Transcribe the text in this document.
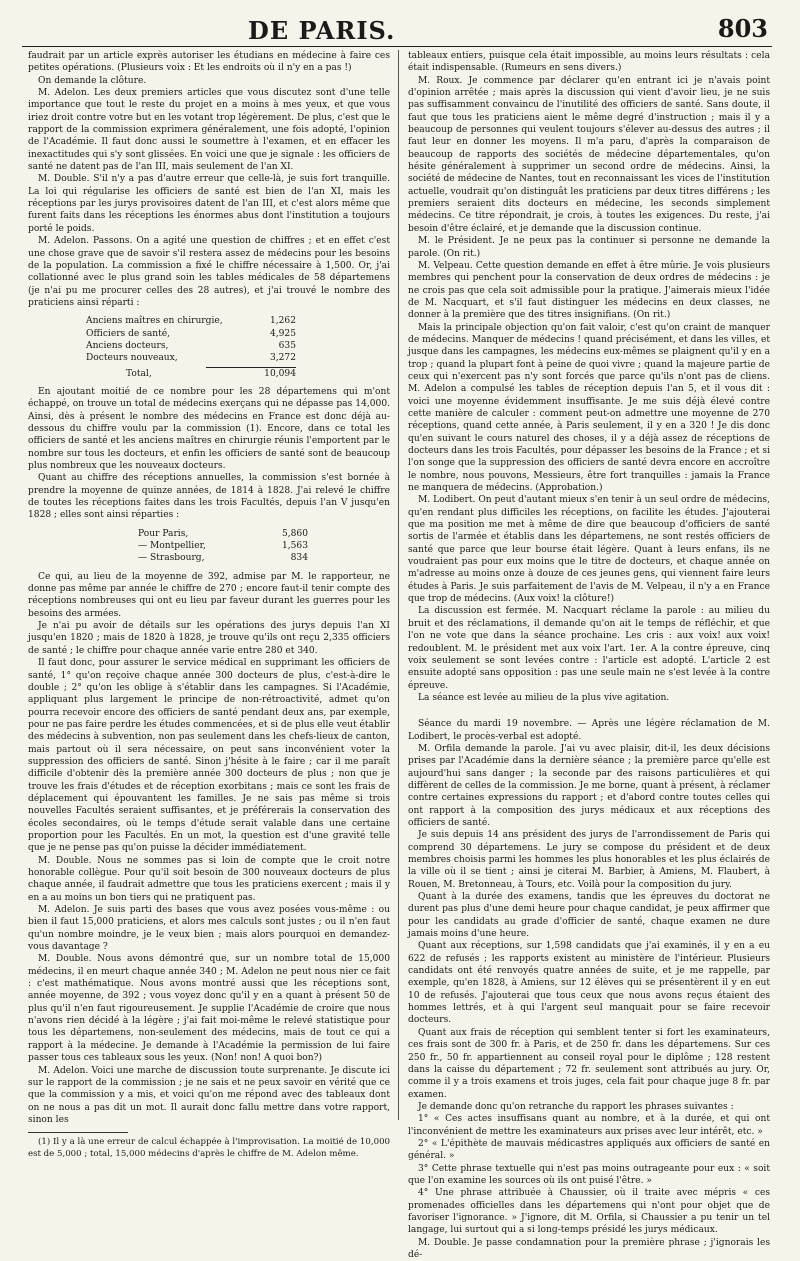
DE PARIS.	803

faudrait par un article exprès autoriser les étudians en médecine à faire ces petites opérations. (Plusieurs voix : Et les endroits où il n'y en a pas !)

On demande la clôture.

M. Adelon. Les deux premiers articles que vous discutez sont d'une telle importance que tout le reste du projet en a moins à mes yeux, et que vous iriez droit contre votre but en les votant trop légèrement. De plus, c'est que le rapport de la commission exprimera généralement, une fois adopté, l'opinion de l'Académie. Il faut donc aussi le soumettre à l'examen, et en effacer les inexactitudes qui s'y sont glissées. En voici une que je signale : les officiers de santé ne datent pas de l'an III, mais seulement de l'an XI.

M. Double. S'il n'y a pas d'autre erreur que celle-là, je suis fort tranquille. La loi qui régularise les officiers de santé est bien de l'an XI, mais les réceptions par les jurys provisoires datent de l'an III, et c'est alors même que furent faits dans les réceptions les énormes abus dont l'institution a toujours porté le poids.

M. Adelon. Passons. On a agité une question de chiffres ; et en effet c'est une chose grave que de savoir s'il restera assez de médecins pour les besoins de la population. La commission a fixé le chiffre nécessaire à 1,500. Or, j'ai collationné avec le plus grand soin les tables médicales de 58 départemens (je n'ai pu me procurer celles des 28 autres), et j'ai trouvé le nombre des praticiens ainsi réparti :

Anciens maîtres en chirurgie,	1,262
Officiers de santé,	4,925
Anciens docteurs,	635
Docteurs nouveaux,	3,272
Total,	10,094

En ajoutant moitié de ce nombre pour les 28 départemens qui m'ont échappé, on trouve un total de médecins exerçans qui ne dépasse pas 14,000. Ainsi, dès à présent le nombre des médecins en France est donc déjà au-dessous du chiffre voulu par la commission (1). Encore, dans ce total les officiers de santé et les anciens maîtres en chirurgie réunis l'emportent par le nombre sur tous les docteurs, et enfin les officiers de santé sont de beaucoup plus nombreux que les nouveaux docteurs.

Quant au chiffre des réceptions annuelles, la commission s'est bornée à prendre la moyenne de quinze années, de 1814 à 1828. J'ai relevé le chiffre de toutes les réceptions faites dans les trois Facultés, depuis l'an V jusqu'en 1828 ; elles sont ainsi réparties :

Pour Paris,	5,860
— Montpellier,	1,563
— Strasbourg,	834

Ce qui, au lieu de la moyenne de 392, admise par M. le rapporteur, ne donne pas même par année le chiffre de 270 ; encore faut-il tenir compte des réceptions nombreuses qui ont eu lieu par faveur durant les guerres pour les besoins des armées.

Je n'ai pu avoir de détails sur les opérations des jurys depuis l'an XI jusqu'en 1820 ; mais de 1820 à 1828, je trouve qu'ils ont reçu 2,335 officiers de santé ; le chiffre pour chaque année varie entre 280 et 340.

Il faut donc, pour assurer le service médical en supprimant les officiers de santé, 1° qu'on reçoive chaque année 300 docteurs de plus, c'est-à-dire le double ; 2° qu'on les oblige à s'établir dans les campagnes. Si l'Académie, appliquant plus largement le principe de non-rétroactivité, admet qu'on pourra recevoir encore des officiers de santé pendant deux ans, par exemple, pour ne pas faire perdre les études commencées, et si de plus elle veut établir des médecins à subvention, non pas seulement dans les chefs-lieux de canton, mais partout où il sera nécessaire, on peut sans inconvénient voter la suppression des officiers de santé. Sinon j'hésite à le faire ; car il me paraît difficile d'obtenir dès la première année 300 docteurs de plus ; non que je trouve les frais d'études et de réception exorbitans ; mais ce sont les frais de déplacement qui épouvantent les familles. Je ne sais pas même si trois nouvelles Facultés seraient suffisantes, et je préférerais la conservation des écoles secondaires, où le temps d'étude serait valable dans une certaine proportion pour les Facultés. En un mot, la question est d'une gravité telle que je ne pense pas qu'on puisse la décider immédiatement.

M. Double. Nous ne sommes pas si loin de compte que le croit notre honorable collègue. Pour qu'il soit besoin de 300 nouveaux docteurs de plus chaque année, il faudrait admettre que tous les praticiens exercent ; mais il y en a au moins un bon tiers qui ne pratiquent pas.

M. Adelon. Je suis parti des bases que vous avez posées vous-même : ou bien il faut 15,000 praticiens, et alors mes calculs sont justes ; ou il n'en faut qu'un nombre moindre, je le veux bien ; mais alors pourquoi en demandez-vous davantage ?

M. Double. Nous avons démontré que, sur un nombre total de 15,000 médecins, il en meurt chaque année 340 ; M. Adelon ne peut nous nier ce fait : c'est mathématique. Nous avons montré aussi que les réceptions sont, année moyenne, de 392 ; vous voyez donc qu'il y en a quant à présent 50 de plus qu'il n'en faut rigoureusement. Je supplie l'Académie de croire que nous n'avons rien décidé à la légère ; j'ai fait moi-même le relevé statistique pour tous les départemens, non-seulement des médecins, mais de tout ce qui a rapport à la médecine. Je demande à l'Académie la permission de lui faire passer tous ces tableaux sous les yeux. (Non! non! A quoi bon?)

M. Adelon. Voici une marche de discussion toute surprenante. Je discute ici sur le rapport de la commission ; je ne sais et ne peux savoir en vérité que ce que la commission y a mis, et voici qu'on me répond avec des tableaux dont on ne nous a pas dit un mot. Il aurait donc fallu mettre dans votre rapport, sinon les

(1) Il y a là une erreur de calcul échappée à l'improvisation. La moitié de 10,000 est de 5,000 ; total, 15,000 médecins d'après le chiffre de M. Adelon même.

tableaux entiers, puisque cela était impossible, au moins leurs résultats : cela était indispensable. (Rumeurs en sens divers.)

M. Roux. Je commence par déclarer qu'en entrant ici je n'avais point d'opinion arrêtée ; mais après la discussion qui vient d'avoir lieu, je ne suis pas suffisamment convaincu de l'inutilité des officiers de santé. Sans doute, il faut que tous les praticiens aient le même degré d'instruction ; mais il y a beaucoup de personnes qui veulent toujours s'élever au-dessus des autres ; il faut leur en donner les moyens. Il m'a paru, d'après la comparaison de beaucoup de rapports des sociétés de médecine départementales, qu'on hésite généralement à supprimer un second ordre de médecins. Ainsi, la société de médecine de Nantes, tout en reconnaissant les vices de l'institution actuelle, voudrait qu'on distinguât les praticiens par deux titres différens ; les premiers seraient dits docteurs en médecine, les seconds simplement médecins. Ce titre répondrait, je crois, à toutes les exigences. Du reste, j'ai besoin d'être éclairé, et je demande que la discussion continue.

M. le Président. Je ne peux pas la continuer si personne ne demande la parole. (On rit.)

M. Velpeau. Cette question demande en effet à être mûrie. Je vois plusieurs membres qui penchent pour la conservation de deux ordres de médecins : je ne crois pas que cela soit admissible pour la pratique. J'aimerais mieux l'idée de M. Nacquart, et s'il faut distinguer les médecins en deux classes, ne donner à la première que des titres insignifians. (On rit.)

Mais la principale objection qu'on fait valoir, c'est qu'on craint de manquer de médecins. Manquer de médecins ! quand précisément, et dans les villes, et jusque dans les campagnes, les médecins eux-mêmes se plaignent qu'il y en a trop ; quand la plupart font à peine de quoi vivre ; quand la majeure partie de ceux qui n'exercent pas n'y sont forcés que parce qu'ils n'ont pas de cliens. M. Adelon a compulsé les tables de réception depuis l'an 5, et il vous dit : voici une moyenne évidemment insuffisante. Je me suis déjà élevé contre cette manière de calculer : comment peut-on admettre une moyenne de 270 réceptions, quand cette année, à Paris seulement, il y en a 320 ! Je dis donc qu'en suivant le cours naturel des choses, il y a déjà assez de réceptions de docteurs dans les trois Facultés, pour dépasser les besoins de la France ; et si l'on songe que la suppression des officiers de santé devra encore en accroître le nombre, nous pouvons, Messieurs, être fort tranquilles : jamais la France ne manquera de médecins. (Approbation.)

M. Lodibert. On peut d'autant mieux s'en tenir à un seul ordre de médecins, qu'en rendant plus difficiles les réceptions, on facilite les études. J'ajouterai que ma position me met à même de dire que beaucoup d'officiers de santé sortis de l'armée et établis dans les départemens, ne sont restés officiers de santé que parce que leur bourse était légère. Quant à leurs enfans, ils ne voudraient pas pour eux moins que le titre de docteurs, et chaque année on m'adresse au moins onze à douze de ces jeunes gens, qui viennent faire leurs études à Paris. Je suis parfaitement de l'avis de M. Velpeau, il n'y a en France que trop de médecins. (Aux voix! la clôture!)

La discussion est fermée. M. Nacquart réclame la parole : au milieu du bruit et des réclamations, il demande qu'on ait le temps de réfléchir, et que l'on ne vote que dans la séance prochaine. Les cris : aux voix! aux voix! redoublent. M. le président met aux voix l'art. 1er. A la contre épreuve, cinq voix seulement se sont levées contre : l'article est adopté. L'article 2 est ensuite adopté sans opposition : pas une seule main ne s'est levée à la contre épreuve.

La séance est levée au milieu de la plus vive agitation.

Séance du mardi 19 novembre. — Après une légère réclamation de M. Lodibert, le procès-verbal est adopté.

M. Orfila demande la parole. J'ai vu avec plaisir, dit-il, les deux décisions prises par l'Académie dans la dernière séance ; la première parce qu'elle est aujourd'hui sans danger ; la seconde par des raisons particulières et qui diffèrent de celles de la commission. Je me borne, quant à présent, à réclamer contre certaines expressions du rapport ; et d'abord contre toutes celles qui ont rapport à la composition des jurys médicaux et aux réceptions des officiers de santé.

Je suis depuis 14 ans président des jurys de l'arrondissement de Paris qui comprend 30 départemens. Le jury se compose du président et de deux membres choisis parmi les hommes les plus honorables et les plus éclairés de la ville où il se tient ; ainsi je citerai M. Barbier, à Amiens, M. Flaubert, à Rouen, M. Bretonneau, à Tours, etc. Voilà pour la composition du jury.

Quant à la durée des examens, tandis que les épreuves du doctorat ne durent pas plus d'une demi heure pour chaque candidat, je peux affirmer que pour les candidats au grade d'officier de santé, chaque examen ne dure jamais moins d'une heure.

Quant aux réceptions, sur 1,598 candidats que j'ai examinés, il y en a eu 622 de refusés ; les rapports existent au ministère de l'intérieur. Plusieurs candidats ont été renvoyés quatre années de suite, et je me rappelle, par exemple, qu'en 1828, à Amiens, sur 12 élèves qui se présentèrent il y en eut 10 de refusés. J'ajouterai que tous ceux que nous avons reçus étaient des hommes lettrés, et à qui l'argent seul manquait pour se faire recevoir docteurs.

Quant aux frais de réception qui semblent tenter si fort les examinateurs, ces frais sont de 300 fr. à Paris, et de 250 fr. dans les départemens. Sur ces 250 fr., 50 fr. appartiennent au conseil royal pour le diplôme ; 128 restent dans la caisse du département ; 72 fr. seulement sont attribués au jury. Or, comme il y a trois examens et trois juges, cela fait pour chaque juge 8 fr. par examen.

Je demande donc qu'on retranche du rapport les phrases suivantes :

1° « Ces actes insuffisans quant au nombre, et à la durée, et qui ont l'inconvénient de mettre les examinateurs aux prises avec leur intérêt, etc. »

2° « L'épithète de mauvais médicastres appliqués aux officiers de santé en général. »

3° Cette phrase textuelle qui n'est pas moins outrageante pour eux : « soit que l'on examine les sources où ils ont puisé l'être. »

4° Une phrase attribuée à Chaussier, où il traite avec mépris « ces promenades officielles dans les départemens qui n'ont pour objet que de favoriser l'ignorance. » J'ignore, dit M. Orfila, si Chaussier a pu tenir un tel langage, lui surtout qui a si long-temps présidé les jurys médicaux.

M. Double. Je passe condamnation pour la première phrase ; j'ignorais les dé-
